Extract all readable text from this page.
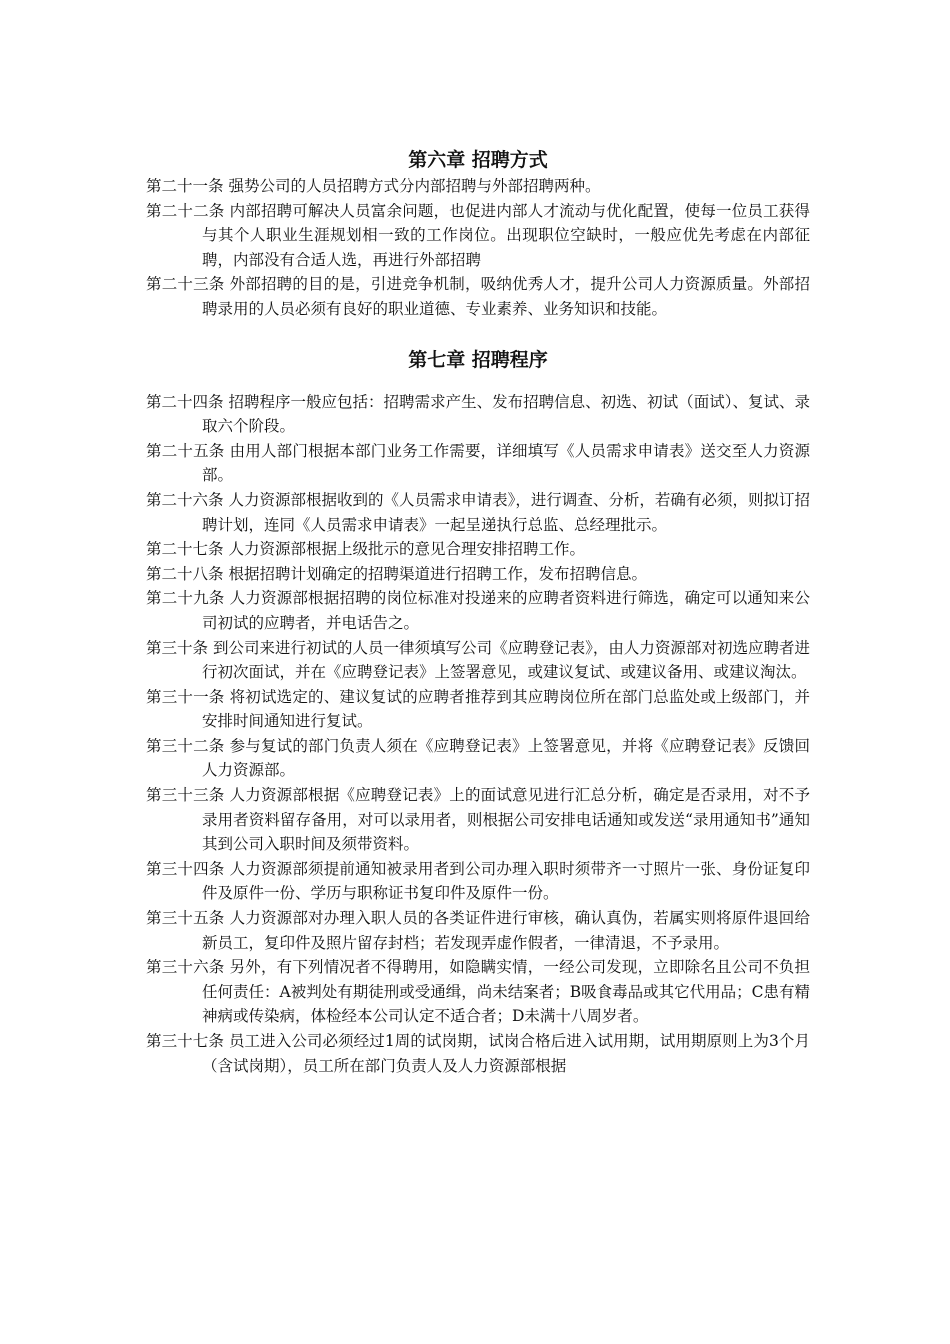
第六章 招聘方式

第二十一条 强势公司的人员招聘方式分内部招聘与外部招聘两种。

第二十二条 内部招聘可解决人员富余问题，也促进内部人才流动与优化配置，使每一位员工获得与其个人职业生涯规划相一致的工作岗位。出现职位空缺时，一般应优先考虑在内部征聘，内部没有合适人选，再进行外部招聘

第二十三条 外部招聘的目的是，引进竞争机制，吸纳优秀人才，提升公司人力资源质量。外部招聘录用的人员必须有良好的职业道德、专业素养、业务知识和技能。

第七章 招聘程序

第二十四条 招聘程序一般应包括：招聘需求产生、发布招聘信息、初选、初试（面试）、复试、录取六个阶段。

第二十五条 由用人部门根据本部门业务工作需要，详细填写《人员需求申请表》送交至人力资源部。

第二十六条 人力资源部根据收到的《人员需求申请表》，进行调查、分析，若确有必须，则拟订招聘计划，连同《人员需求申请表》一起呈递执行总监、总经理批示。

第二十七条 人力资源部根据上级批示的意见合理安排招聘工作。

第二十八条 根据招聘计划确定的招聘渠道进行招聘工作，发布招聘信息。

第二十九条 人力资源部根据招聘的岗位标准对投递来的应聘者资料进行筛选，确定可以通知来公司初试的应聘者，并电话告之。

第三十条 到公司来进行初试的人员一律须填写公司《应聘登记表》，由人力资源部对初选应聘者进行初次面试，并在《应聘登记表》上签署意见，或建议复试、或建议备用、或建议淘汰。

第三十一条 将初试选定的、建议复试的应聘者推荐到其应聘岗位所在部门总监处或上级部门，并安排时间通知进行复试。

第三十二条 参与复试的部门负责人须在《应聘登记表》上签署意见，并将《应聘登记表》反馈回人力资源部。

第三十三条 人力资源部根据《应聘登记表》上的面试意见进行汇总分析，确定是否录用，对不予录用者资料留存备用，对可以录用者，则根据公司安排电话通知或发送“录用通知书”通知其到公司入职时间及须带资料。

第三十四条 人力资源部须提前通知被录用者到公司办理入职时须带齐一寸照片一张、身份证复印件及原件一份、学历与职称证书复印件及原件一份。

第三十五条 人力资源部对办理入职人员的各类证件进行审核，确认真伪，若属实则将原件退回给新员工，复印件及照片留存封档；若发现弄虚作假者，一律清退，不予录用。

第三十六条 另外，有下列情况者不得聘用，如隐瞒实情，一经公司发现，立即除名且公司不负担任何责任：A被判处有期徒刑或受通缉，尚未结案者；B吸食毒品或其它代用品；C患有精神病或传染病，体检经本公司认定不适合者；D未满十八周岁者。

第三十七条 员工进入公司必须经过1周的试岗期，试岗合格后进入试用期，试用期原则上为3个月（含试岗期），员工所在部门负责人及人力资源部根据
